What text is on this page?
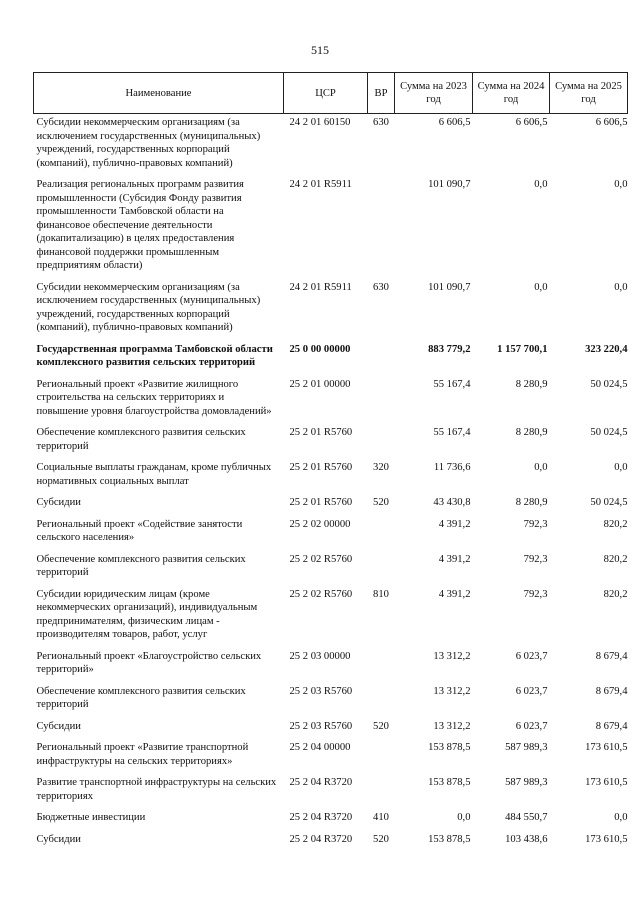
515
Наименование	ЦСР	ВР	Сумма на 2023 год	Сумма на 2024 год	Сумма на 2025 год
Субсидии некоммерческим организациям (за исключением государственных (муниципальных) учреждений, государственных корпораций (компаний), публично-правовых компаний)	24 2 01 60150	630	6 606,5	6 606,5	6 606,5
Реализация региональных программ развития промышленности (Субсидия Фонду развития промышленности Тамбовской области на финансовое обеспечение деятельности (докапитализацию) в целях предоставления финансовой поддержки промышленным предприятиям области)	24 2 01 R5911		101 090,7	0,0	0,0
Субсидии некоммерческим организациям (за исключением государственных (муниципальных) учреждений, государственных корпораций (компаний), публично-правовых компаний)	24 2 01 R5911	630	101 090,7	0,0	0,0
Государственная программа Тамбовской области комплексного развития сельских территорий	25 0 00 00000		883 779,2	1 157 700,1	323 220,4
Региональный проект «Развитие жилищного строительства на сельских территориях и повышение уровня благоустройства домовладений»	25 2 01 00000		55 167,4	8 280,9	50 024,5
Обеспечение комплексного развития сельских территорий	25 2 01 R5760		55 167,4	8 280,9	50 024,5
Социальные выплаты гражданам, кроме публичных нормативных социальных выплат	25 2 01 R5760	320	11 736,6	0,0	0,0
Субсидии	25 2 01 R5760	520	43 430,8	8 280,9	50 024,5
Региональный проект «Содействие занятости сельского населения»	25 2 02 00000		4 391,2	792,3	820,2
Обеспечение комплексного развития сельских территорий	25 2 02 R5760		4 391,2	792,3	820,2
Субсидии юридическим лицам (кроме некоммерческих организаций), индивидуальным предпринимателям, физическим лицам - производителям товаров, работ, услуг	25 2 02 R5760	810	4 391,2	792,3	820,2
Региональный проект «Благоустройство сельских территорий»	25 2 03 00000		13 312,2	6 023,7	8 679,4
Обеспечение комплексного развития сельских территорий	25 2 03 R5760		13 312,2	6 023,7	8 679,4
Субсидии	25 2 03 R5760	520	13 312,2	6 023,7	8 679,4
Региональный проект «Развитие транспортной инфраструктуры на сельских территориях»	25 2 04 00000		153 878,5	587 989,3	173 610,5
Развитие транспортной инфраструктуры на сельских территориях	25 2 04 R3720		153 878,5	587 989,3	173 610,5
Бюджетные инвестиции	25 2 04 R3720	410	0,0	484 550,7	0,0
Субсидии	25 2 04 R3720	520	153 878,5	103 438,6	173 610,5
